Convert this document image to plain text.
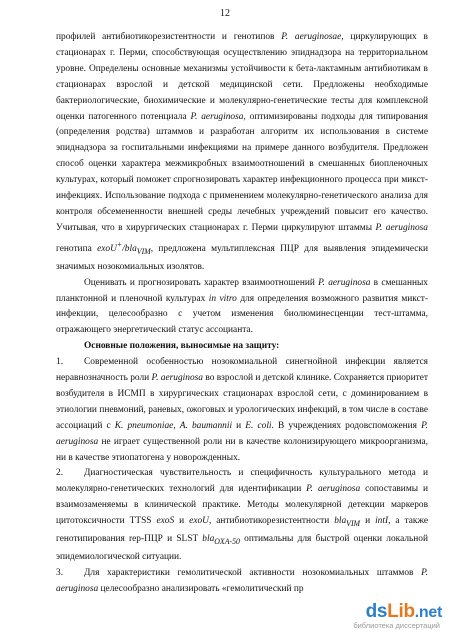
12

профилей антибиотикорезистентности и генотипов P. aeruginosae, циркулирующих в стационарах г. Перми, способствующая осуществлению эпиднадзора на территориальном уровне. Определены основные механизмы устойчивости к бета-лактамным антибиотикам в стационарах взрослой и детской медицинской сети. Предложены необходимые бактериологические, биохимические и молекулярно-генетические тесты для комплексной оценки патогенного потенциала P. aeruginosa, оптимизированы подходы для типирования (определения родства) штаммов и разработан алгоритм их использования в системе эпиднадзора за госпитальными инфекциями на примере данного возбудителя. Предложен способ оценки характера межмикробных взаимоотношений в смешанных биопленочных культурах, который поможет спрогнозировать характер инфекционного процесса при микст-инфекциях. Использование подхода с применением молекулярно-генетического анализа для контроля обсемененности внешней среды лечебных учреждений повысит его качество. Учитывая, что в хирургических стационарах г. Перми циркулируют штаммы P. aeruginosa генотипа exoU+/bla$_{VIM}$, предложена мультиплексная ПЦР для выявления эпидемически значимых нозокомиальных изолятов.

Оценивать и прогнозировать характер взаимоотношений P. aeruginosa в смешанных планктонной и пленочной культурах in vitro для определения возможного развития микст-инфекции, целесообразно с учетом изменения биолюминесценции тест-штамма, отражающего энергетический статус ассоцианта.

Основные положения, выносимые на защиту:

1. Современной особенностью нозокомиальной синегнойной инфекции является неравнозначность роли P. aeruginosa во взрослой и детской клинике. Сохраняется приоритет возбудителя в ИСМП в хирургических стационарах взрослой сети, с доминированием в этиологии пневмоний, раневых, ожоговых и урологических инфекций, в том числе в составе ассоциаций с K. pneumoniae, A. baumannii и E. coli. В учреждениях родовспоможения P. aeruginosa не играет существенной роли ни в качестве колонизирующего микроорганизма, ни в качестве этиопатогена у новорожденных.

2. Диагностическая чувствительность и специфичность культурального метода и молекулярно-генетических технологий для идентификации P. aeruginosa сопоставимы и взаимозаменяемы в клинической практике. Методы молекулярной детекции маркеров цитотоксичности TTSS exoS и exoU, антибиотикорезистентности bla$_{VIM}$ и intI, а также генотипирования rep-ПЦР и SLST bla$_{OXA-50}$ оптимальны для быстрой оценки локальной эпидемиологической ситуации.

3. Для характеристики гемолитической активности нозокомиальных штаммов P. aeruginosa целесообразно анализировать «гемолитический пр

dsLib.net
библиотека диссертаций
